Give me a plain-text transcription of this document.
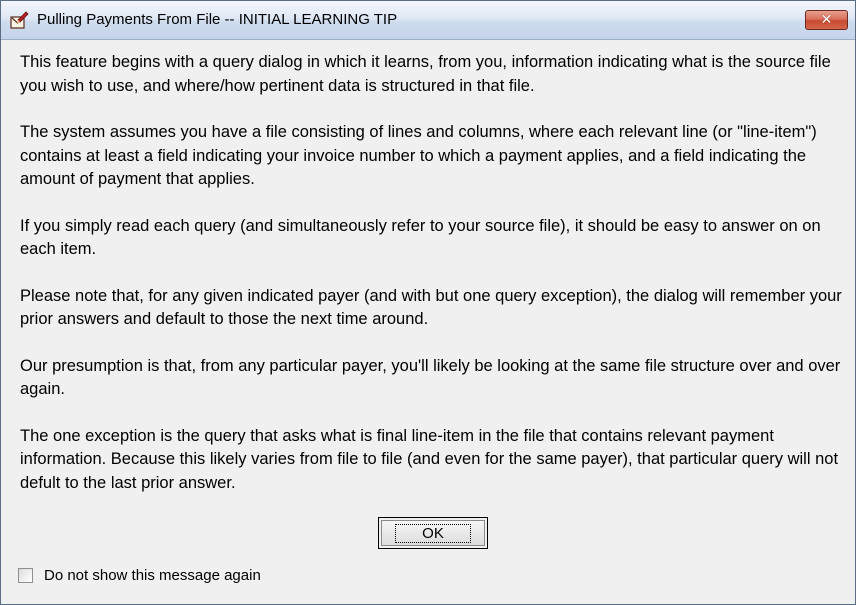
Pulling Payments From File -- INITIAL LEARNING TIP	✕

This feature begins with a query dialog in which it learns, from you, information indicating what is the source file you wish to use, and where/how pertinent data is structured in that file.

The system assumes you have a file consisting of lines and columns, where each relevant line (or "line-item") contains at least a field indicating your invoice number to which a payment applies, and a field indicating the amount of payment that applies.

If you simply read each query (and simultaneously refer to your source file), it should be easy to answer on on each item.

Please note that, for any given indicated payer (and with but one query exception), the dialog will remember your prior answers and default to those the next time around.

Our presumption is that, from any particular payer, you'll likely be looking at the same file structure over and over again.

The one exception is the query that asks what is final line-item in the file that contains relevant payment information. Because this likely varies from file to file (and even for the same payer), that particular query will not defult to the last prior answer.

OK
Do not show this message again
